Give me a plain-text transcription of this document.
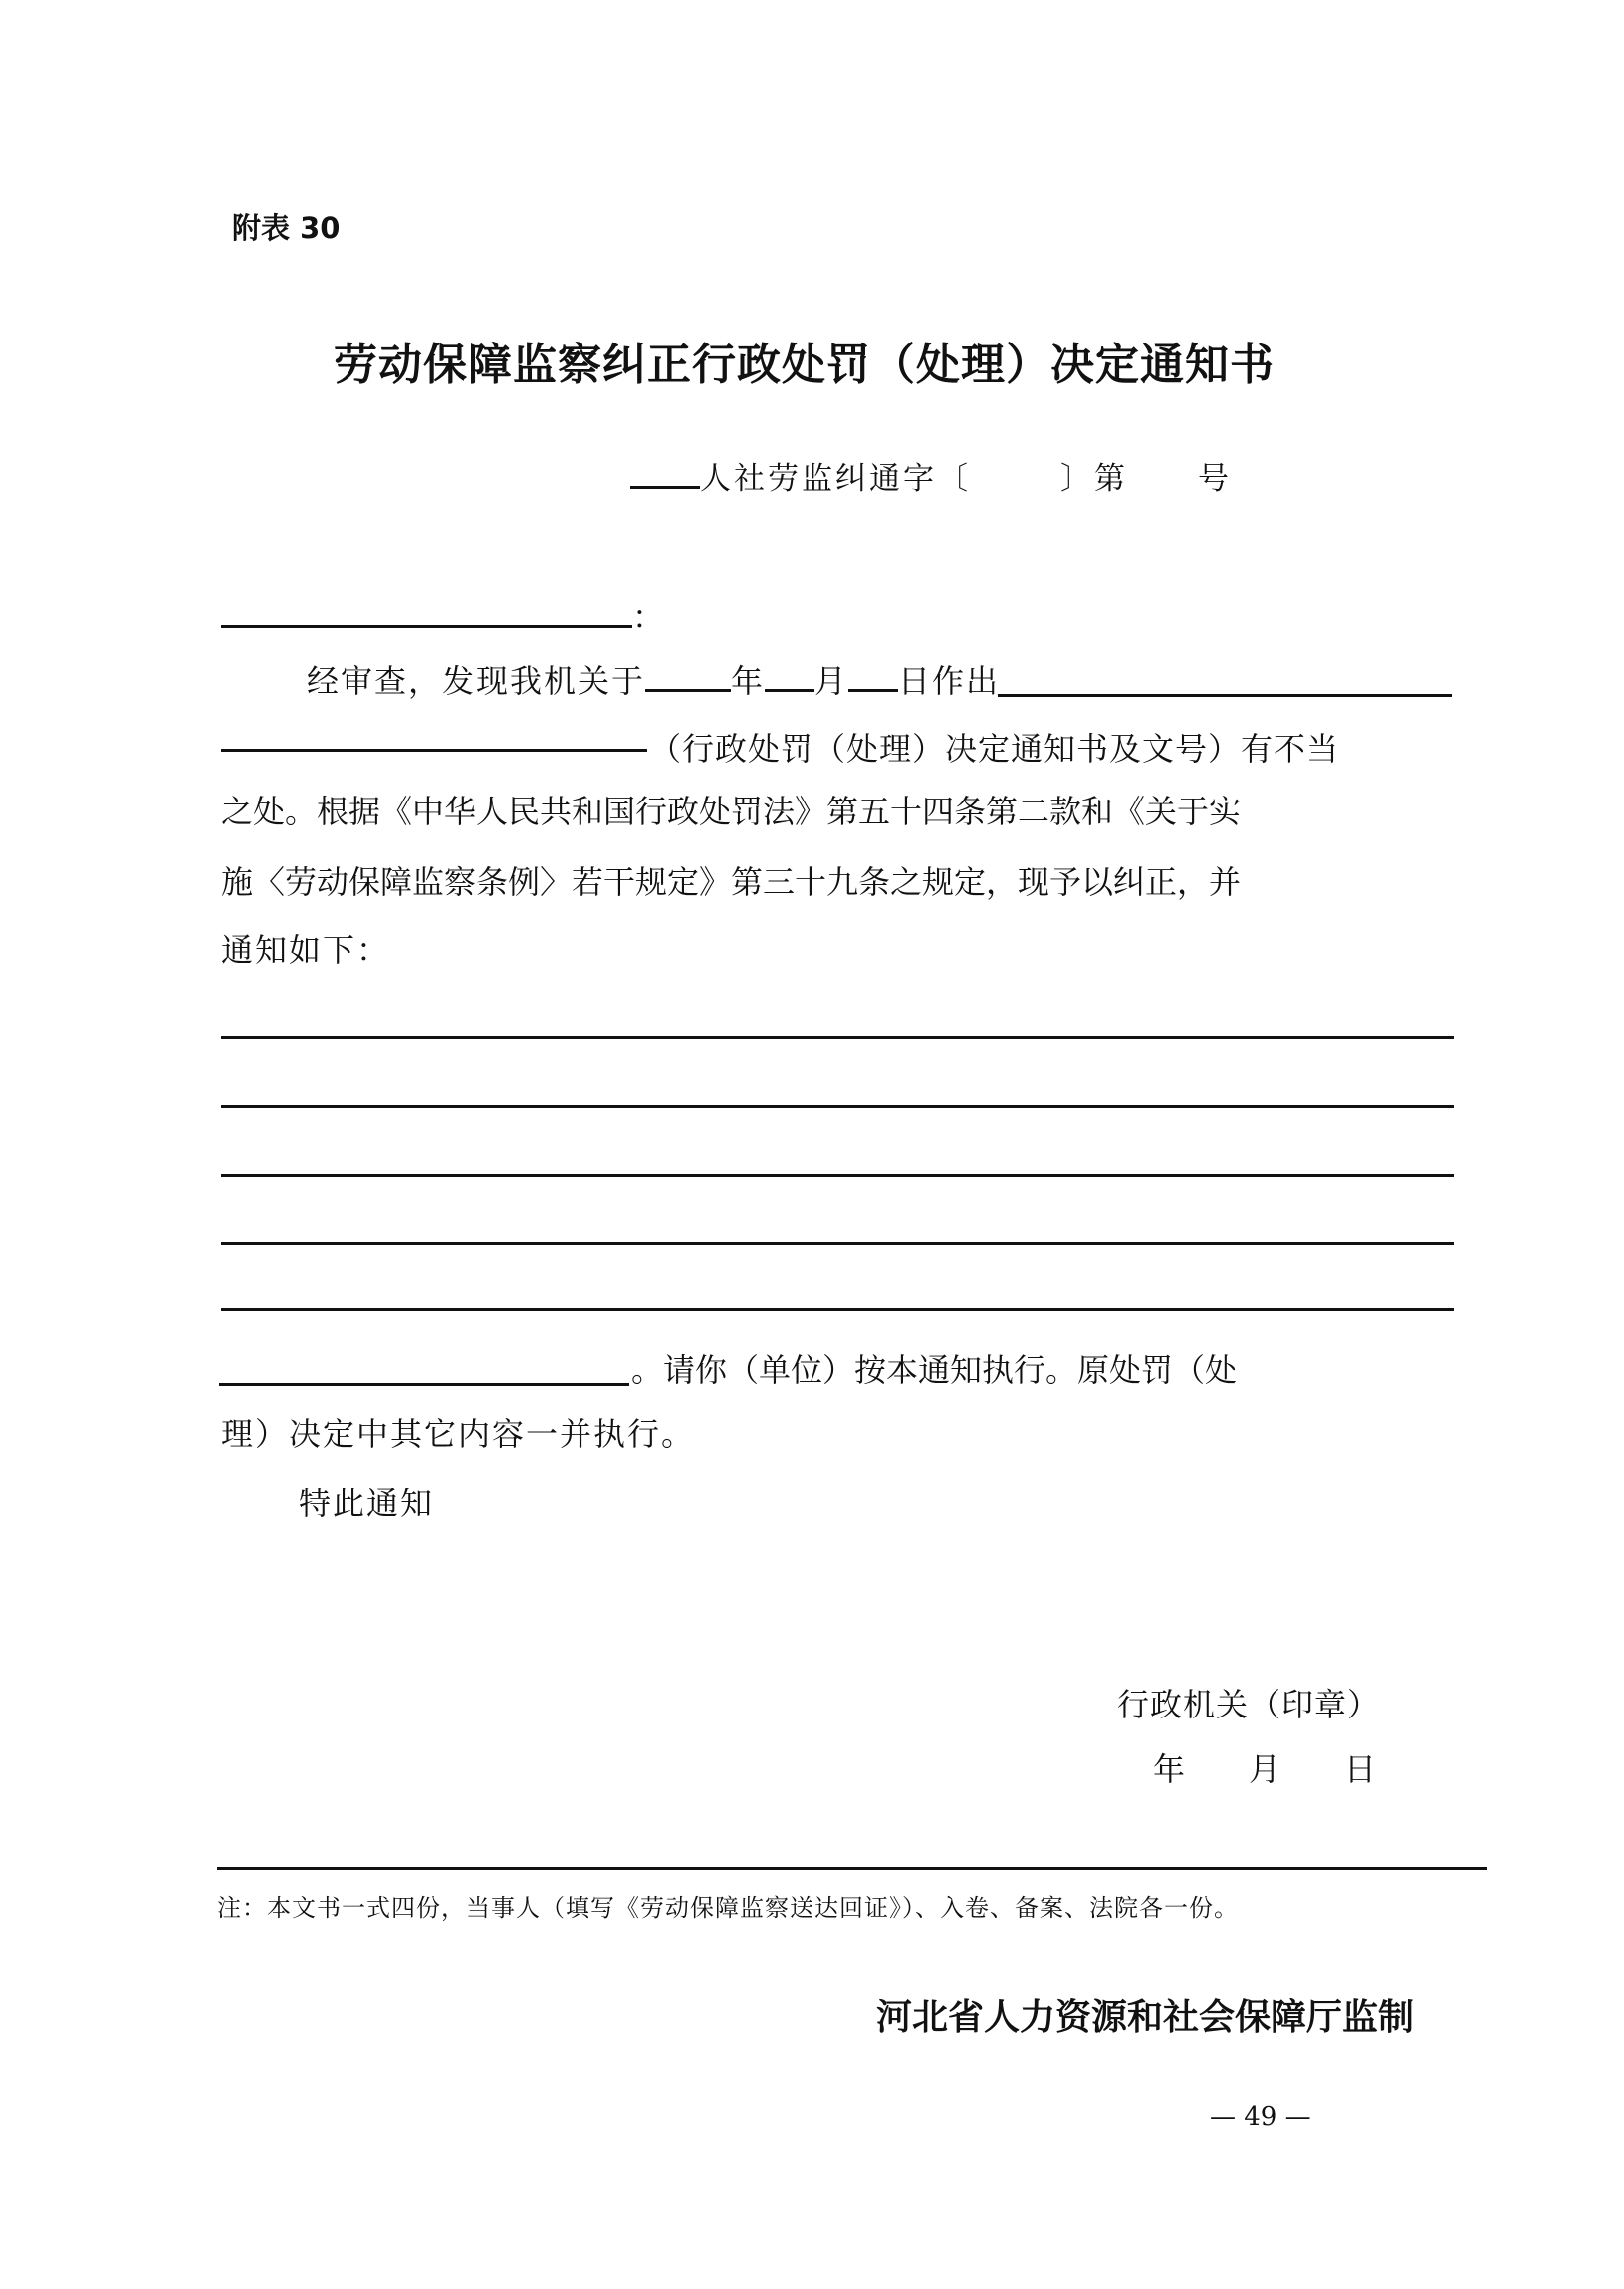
附表 30
劳动保障监察纠正行政处罚（处理）决定通知书
人社劳监纠通字〔	〕第 号
：
经审查，发现我机关于	年 月 日作出
（行政处罚（处理）决定通知书及文号）有不当
之处。根据《中华人民共和国行政处罚法》第五十四条第二款和《关于实
施〈劳动保障监察条例〉若干规定》第三十九条之规定，现予以纠正，并
通知如下：
。请你（单位）按本通知执行。原处罚（处
理）决定中其它内容一并执行。
特此通知
行政机关（印章）
年 月 日
注：本文书一式四份，当事人（填写《劳动保障监察送达回证》）、入卷、备案、法院各一份。
河北省人力资源和社会保障厅监制
— 49 —
